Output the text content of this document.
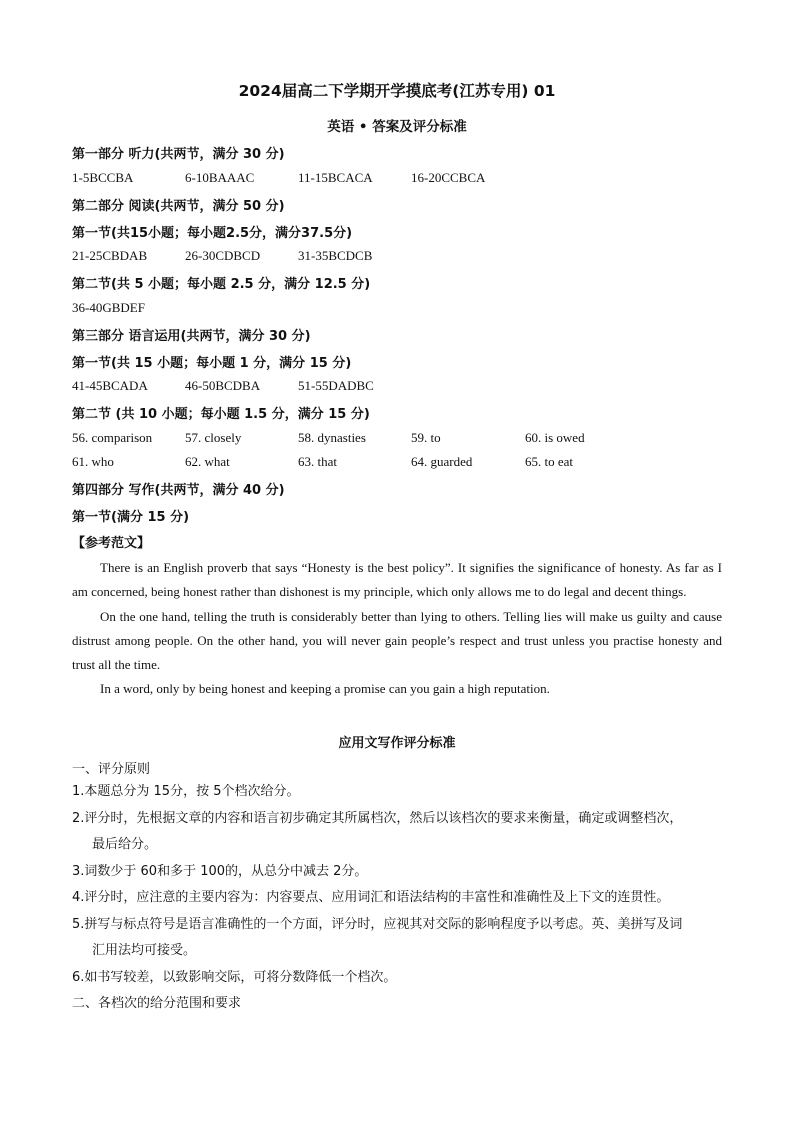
2024届高二下学期开学摸底考(江苏专用) 01
英语 • 答案及评分标准
第一部分 听力(共两节，满分 30 分)
1-5BCCBA	6-10BAAAC	11-15BCACA	16-20CCBCA
第二部分 阅读(共两节，满分 50 分)
第一节(共15小题；每小题2.5分，满分37.5分)
21-25CBDAB	26-30CDBCD	31-35BCDCB
第二节(共 5 小题；每小题 2.5 分，满分 12.5 分)
36-40GBDEF
第三部分 语言运用(共两节，满分 30 分)
第一节(共 15 小题；每小题 1 分，满分 15 分)
41-45BCADA	46-50BCDBA	51-55DADBC
第二节 (共 10 小题；每小题 1.5 分，满分 15 分)
56. comparison	57. closely	58. dynasties	59. to	60. is owed
61. who	62. what	63. that	64. guarded	65. to eat
第四部分 写作(共两节，满分 40 分)
第一节(满分 15 分)
【参考范文】

There is an English proverb that says “Honesty is the best policy”. It signifies the significance of honesty. As far as I am concerned, being honest rather than dishonest is my principle, which only allows me to do legal and decent things.

On the one hand, telling the truth is considerably better than lying to others. Telling lies will make us guilty and cause distrust among people. On the other hand, you will never gain people’s respect and trust unless you practise honesty and trust all the time.

In a word, only by being honest and keeping a promise can you gain a high reputation.

应用文写作评分标准
一、评分原则
1.本题总分为 15分，按 5个档次给分。
2.评分时，先根据文章的内容和语言初步确定其所属档次，然后以该档次的要求来衡量，确定或调整档次，
最后给分。
3.词数少于 60和多于 100的，从总分中减去 2分。
4.评分时，应注意的主要内容为：内容要点、应用词汇和语法结构的丰富性和准确性及上下文的连贯性。
5.拼写与标点符号是语言准确性的一个方面，评分时，应视其对交际的影响程度予以考虑。英、美拼写及词
汇用法均可接受。
6.如书写较差，以致影响交际，可将分数降低一个档次。
二、各档次的给分范围和要求
